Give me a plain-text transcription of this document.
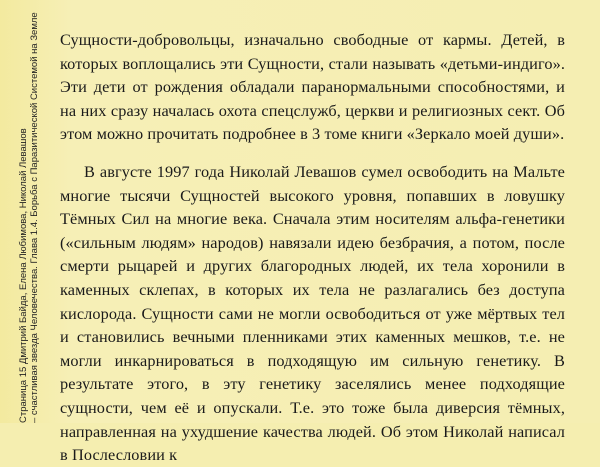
Страница 15 Дмитрий Байда, Елена Любимова, Николай Левашов – счастливая звезда Человечества. Глава 1.4. Борьба с Паразитической Системой на Земле Сущности-добровольцы, изначально свободные от кармы. Детей, в которых воплощались эти Сущности, стали называть «детьми-индиго». Эти дети от рождения обладали паранормальными способностями, и на них сразу началась охота спецслужб, церкви и религиозных сект. Об этом можно прочитать подробнее в 3 томе книги «Зеркало моей души».

В августе 1997 года Николай Левашов сумел освободить на Мальте многие тысячи Сущностей высокого уровня, попавших в ловушку Тёмных Сил на многие века. Сначала этим носителям альфа-генетики («сильным людям» народов) навязали идею безбрачия, а потом, после смерти рыцарей и других благородных людей, их тела хоронили в каменных склепах, в которых их тела не разлагались без доступа кислорода. Сущности сами не могли освободиться от уже мёртвых тел и становились вечными пленниками этих каменных мешков, т.е. не могли инкарнироваться в подходящую им сильную генетику. В результате этого, в эту генетику заселялись менее подходящие сущности, чем её и опускали. Т.е. это тоже была диверсия тёмных, направленная на ухудшение качества людей. Об этом Николай написал в Послесловии к
